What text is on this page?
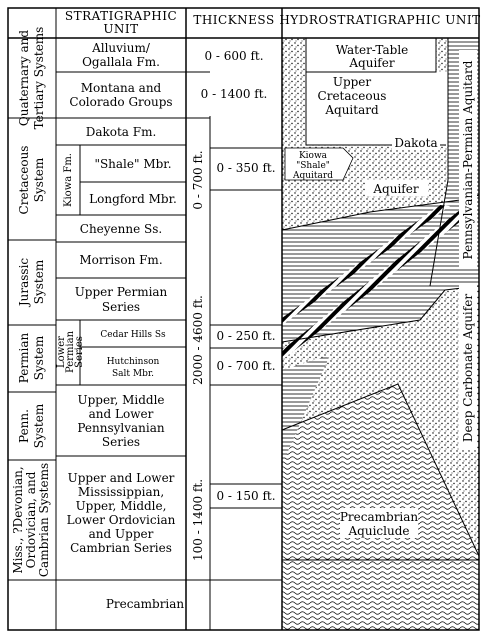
STRATIGRAPHIC
UNIT
THICKNESS HYDROSTRATIGRAPHIC UNIT
Quaternary and Tertiary Systems
Cretaceous System
Jurassic System
Permian System
Penn. System
Miss., ?Devonian, Ordovician, and Cambrian Systems
Kiowa Fm.
Lower
Permian
Series
Alluvium/
Ogallala Fm.
Montana and
Colorado Groups
Dakota Fm.
"Shale" Mbr.
Longford Mbr.
Cheyenne Ss.
Morrison Fm.
Upper Permian
Series
Cedar Hills Ss
Hutchinson
Salt Mbr.
Upper, Middle
and Lower
Pennsylvanian
Series
Upper and Lower
Mississippian,
Upper, Middle,
Lower Ordovician
and Upper
Cambrian Series
Precambrian
0 - 600 ft.
0 - 1400 ft.
0 - 350 ft.
0 - 700 ft.
0 - 250 ft.
2000 - 4600 ft. 0 - 700 ft.
100 - 1400 ft. 0 - 150 ft.
Water-Table
Aquifer
Upper
Cretaceous
Aquitard
Dakota
Kiowa
"Shale"
Aquitard
Aquifer	Pennsylvanian-Permian Aquitard
Deep Carbonate Aquifer
Precambrian
Aquiclude
